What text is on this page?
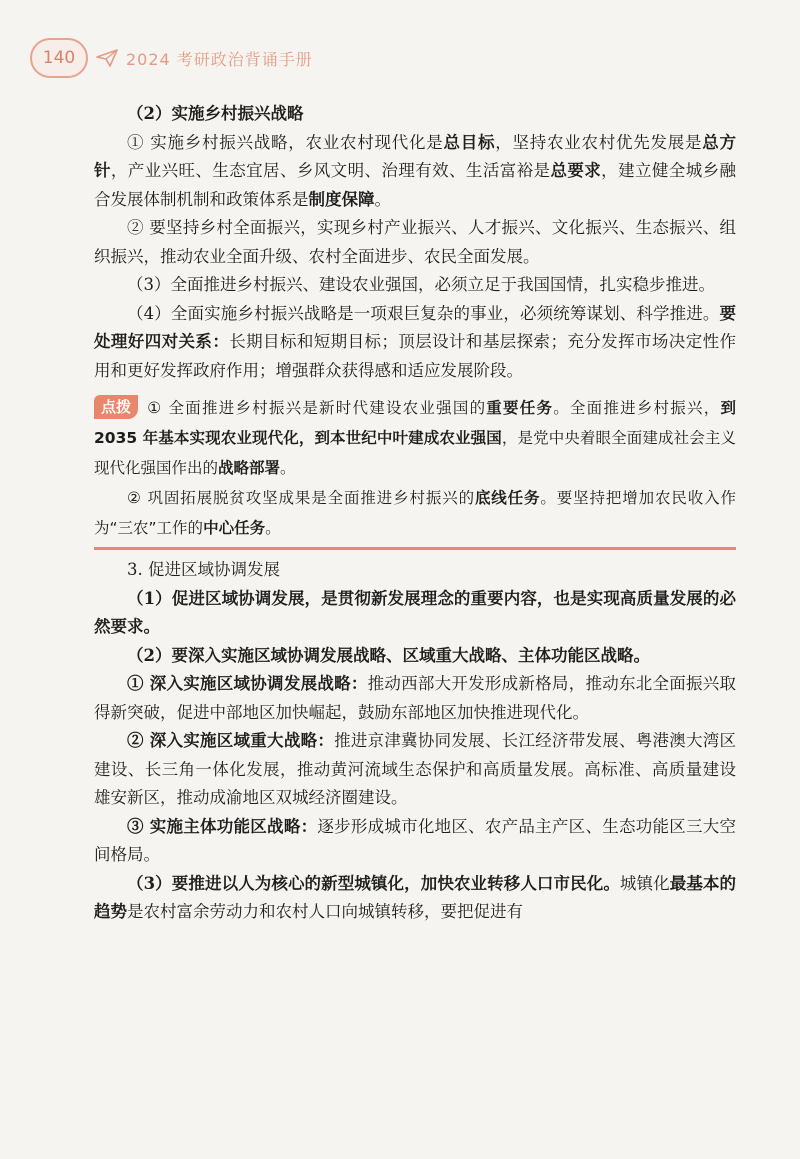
140	2024 考研政治背诵手册

（2）实施乡村振兴战略

① 实施乡村振兴战略，农业农村现代化是总目标，坚持农业农村优先发展是总方针，产业兴旺、生态宜居、乡风文明、治理有效、生活富裕是总要求，建立健全城乡融合发展体制机制和政策体系是制度保障。

② 要坚持乡村全面振兴，实现乡村产业振兴、人才振兴、文化振兴、生态振兴、组织振兴，推动农业全面升级、农村全面进步、农民全面发展。

（3）全面推进乡村振兴、建设农业强国，必须立足于我国国情，扎实稳步推进。

（4）全面实施乡村振兴战略是一项艰巨复杂的事业，必须统筹谋划、科学推进。要处理好四对关系：长期目标和短期目标；顶层设计和基层探索；充分发挥市场决定性作用和更好发挥政府作用；增强群众获得感和适应发展阶段。

点拨 ① 全面推进乡村振兴是新时代建设农业强国的重要任务。全面推进乡村振兴，到 2035 年基本实现农业现代化，到本世纪中叶建成农业强国，是党中央着眼全面建成社会主义现代化强国作出的战略部署。

② 巩固拓展脱贫攻坚成果是全面推进乡村振兴的底线任务。要坚持把增加农民收入作为“三农”工作的中心任务。

3. 促进区域协调发展

（1）促进区域协调发展，是贯彻新发展理念的重要内容，也是实现高质量发展的必然要求。

（2）要深入实施区域协调发展战略、区域重大战略、主体功能区战略。

① 深入实施区域协调发展战略：推动西部大开发形成新格局，推动东北全面振兴取得新突破，促进中部地区加快崛起，鼓励东部地区加快推进现代化。

② 深入实施区域重大战略：推进京津冀协同发展、长江经济带发展、粤港澳大湾区建设、长三角一体化发展，推动黄河流域生态保护和高质量发展。高标准、高质量建设雄安新区，推动成渝地区双城经济圈建设。

③ 实施主体功能区战略：逐步形成城市化地区、农产品主产区、生态功能区三大空间格局。

（3）要推进以人为核心的新型城镇化，加快农业转移人口市民化。城镇化最基本的趋势是农村富余劳动力和农村人口向城镇转移，要把促进有
